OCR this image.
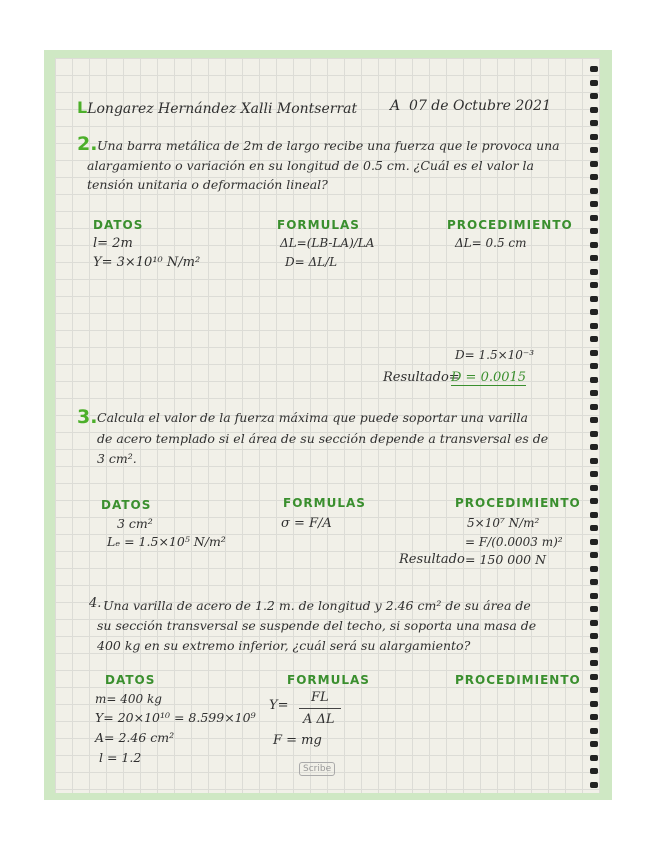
LLongarez Hernández Xalli Montserrat A 07 de Octubre 2021
2. Una barra metálica de 2m de largo recibe una fuerza que le provoca una
alargamiento o variación en su longitud de 0.5 cm. ¿Cuál es el valor la
tensión unitaria o deformación lineal?
DATOS	FORMULAS	PROCEDIMIENTO
l= 2m
Y= 3×10¹⁰ N/m²
ΔL=(LB-LA)/LA
D= ΔL/L
ΔL= 0.5 cm
D= 1.5×10⁻³
Resultado=
D = 0.0015
3. Calcula el valor de la fuerza máxima que puede soportar una varilla
de acero templado si el área de su sección depende a transversal es de
3 cm².
DATOS	FORMULAS	PROCEDIMIENTO
3 cm²
Lₑ = 1.5×10⁵ N/m²
σ = F/A	5×10⁷ N/m²
= F/(0.0003 m)²
Resultado = 150 000 N
4. Una varilla de acero de 1.2 m. de longitud y 2.46 cm² de su área de
su sección transversal se suspende del techo, si soporta una masa de
400 kg en su extremo inferior, ¿cuál será su alargamiento?
DATOS	FORMULAS	PROCEDIMIENTO
m= 400 kg
Y= 20×10¹⁰ = 8.599×10⁹
A= 2.46 cm²
l = 1.2
Y=
FL
A ΔL
F = mg
Scribe
